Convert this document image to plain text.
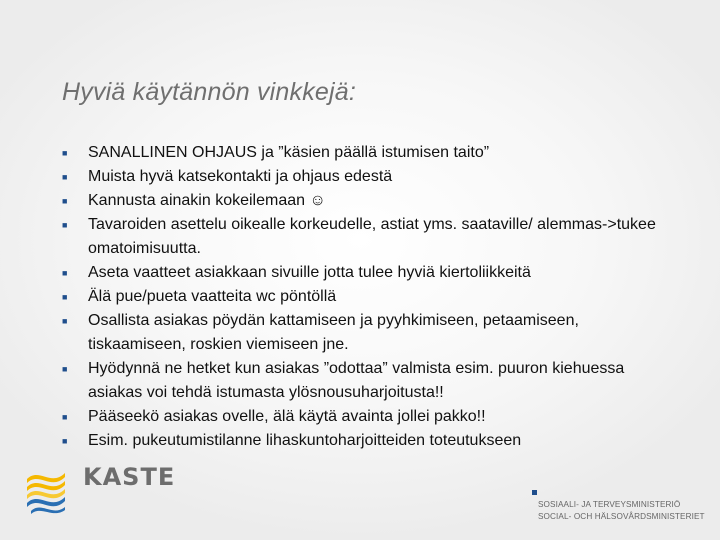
Hyviä käytännön vinkkejä:
■ SANALLINEN OHJAUS ja ”käsien päällä istumisen taito”
■ Muista hyvä katsekontakti ja ohjaus edestä
■ Kannusta ainakin kokeilemaan ☺
■ Tavaroiden asettelu oikealle korkeudelle, astiat yms. saataville/ alemmas->tukee omatoimisuutta.
■ Aseta vaatteet asiakkaan sivuille jotta tulee hyviä kiertoliikkeitä
■ Älä pue/pueta vaatteita wc pöntöllä
■ Osallista asiakas pöydän kattamiseen ja pyyhkimiseen, petaamiseen, tiskaamiseen, roskien viemiseen jne.
■ Hyödynnä ne hetket kun asiakas ”odottaa” valmista esim. puuron kiehuessa asiakas voi tehdä istumasta ylösnousuharjoitusta!!
■ Pääseekö asiakas ovelle, älä käytä avainta jollei pakko!!
■ Esim. pukeutumistilanne lihaskuntoharjoitteiden toteutukseen
KASTE
SOSIAALI- JA TERVEYSMINISTERIÖ
SOCIAL- OCH HÄLSOVÅRDSMINISTERIET
